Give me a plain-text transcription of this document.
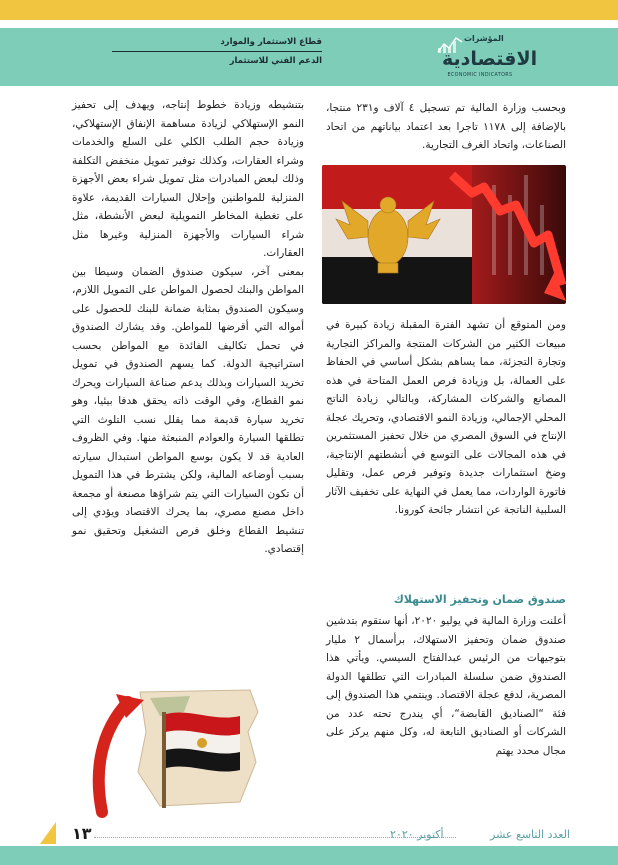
قطاع الاستثمار والموارد
الدعم الفني للاستثمار
المؤشرات
الاقتصادية
ECONOMIC INDICATORS

وبحسب وزارة المالية تم تسجيل ٤ آلاف و٢٣١ منتجا، بالإضافة إلى ١١٧٨ تاجرا بعد اعتماد بياناتهم من اتحاد الصناعات، واتحاد الغرف التجارية.

ومن المتوقع أن تشهد الفترة المقبلة زيادة كبيرة في مبيعات الكثير من الشركات المنتجة والمراكز التجارية وتجارة التجزئة، مما يساهم بشكل أساسي في الحفاظ على العمالة، بل وزيادة فرص العمل المتاحة في هذه المصانع والشركات المشاركة، وبالتالي زيادة الناتج المحلي الإجمالي، وزيادة النمو الاقتصادي، وتحريك عجلة الإنتاج في السوق المصري من خلال تحفيز المستثمرين في هذه المجالات على التوسع في أنشطتهم الإنتاجية، وضخ استثمارات جديدة وتوفير فرص عمل، وتقليل فاتورة الواردات، مما يعمل في النهاية على تخفيف الآثار السلبية الناتجة عن انتشار جائحة كورونا.

صندوق ضمان وتحفيز الاستهلاك

أعلنت وزارة المالية في يوليو ٢٠٢٠، أنها ستقوم بتدشين صندوق ضمان وتحفيز الاستهلاك، برأسمال ٢ مليار بتوجيهات من الرئيس عبدالفتاح السيسي. ويأتي هذا الصندوق ضمن سلسلة المبادرات التي تطلقها الدولة المصرية، لدفع عجلة الاقتصاد. وينتمي هذا الصندوق إلى فئة “الصناديق القابضة“، أي يندرج تحته عدد من الشركات أو الصناديق التابعة له، وكل منهم يركز على مجال محدد يهتم

بتنشيطه وزيادة خطوط إنتاجه، ويهدف إلى تحفيز النمو الإستهلاكي لزيادة مساهمة الإنفاق الإستهلاكي، وزيادة حجم الطلب الكلي على السلع والخدمات وشراء العقارات، وكذلك توفير تمويل منخفض التكلفة وذلك لبعض المبادرات مثل تمويل شراء بعض الأجهزة المنزلية للمواطنين وإحلال السيارات القديمة، علاوة على تغطية المخاطر التمويلية لبعض الأنشطة، مثل شراء السيارات والأجهزة المنزلية وغيرها مثل العقارات.

بمعنى آخر، سيكون صندوق الضمان وسيطا بين المواطن والبنك لحصول المواطن على التمويل اللازم، وسيكون الصندوق بمثابة ضمانة للبنك للحصول على أمواله التي أقرضها للمواطن. وقد يشارك الصندوق في تحمل تكاليف الفائدة مع المواطن بحسب استراتيجية الدولة. كما يسهم الصندوق في تمويل تخريد السيارات وبذلك يدعم صناعة السيارات ويحرك نمو القطاع، وفي الوقت ذاته يحقق هدفا بيئيا، وهو تخريد سيارة قديمة مما يقلل نسب التلوث التي تطلقها السيارة والعوادم المنبعثة منها. وفي الظروف العادية قد لا يكون بوسع المواطن استبدال سيارته بسبب أوضاعه المالية، ولكن يشترط في هذا التمويل أن تكون السيارات التي يتم شراؤها مصنعة أو مجمعة داخل مصنع مصري، بما يحرك الاقتصاد ويؤدي إلى تنشيط القطاع وخلق فرص التشغيل وتحقيق نمو إقتصادي.

العدد التاسع عشر
أكتوبر ٢٠٢٠
١٣
